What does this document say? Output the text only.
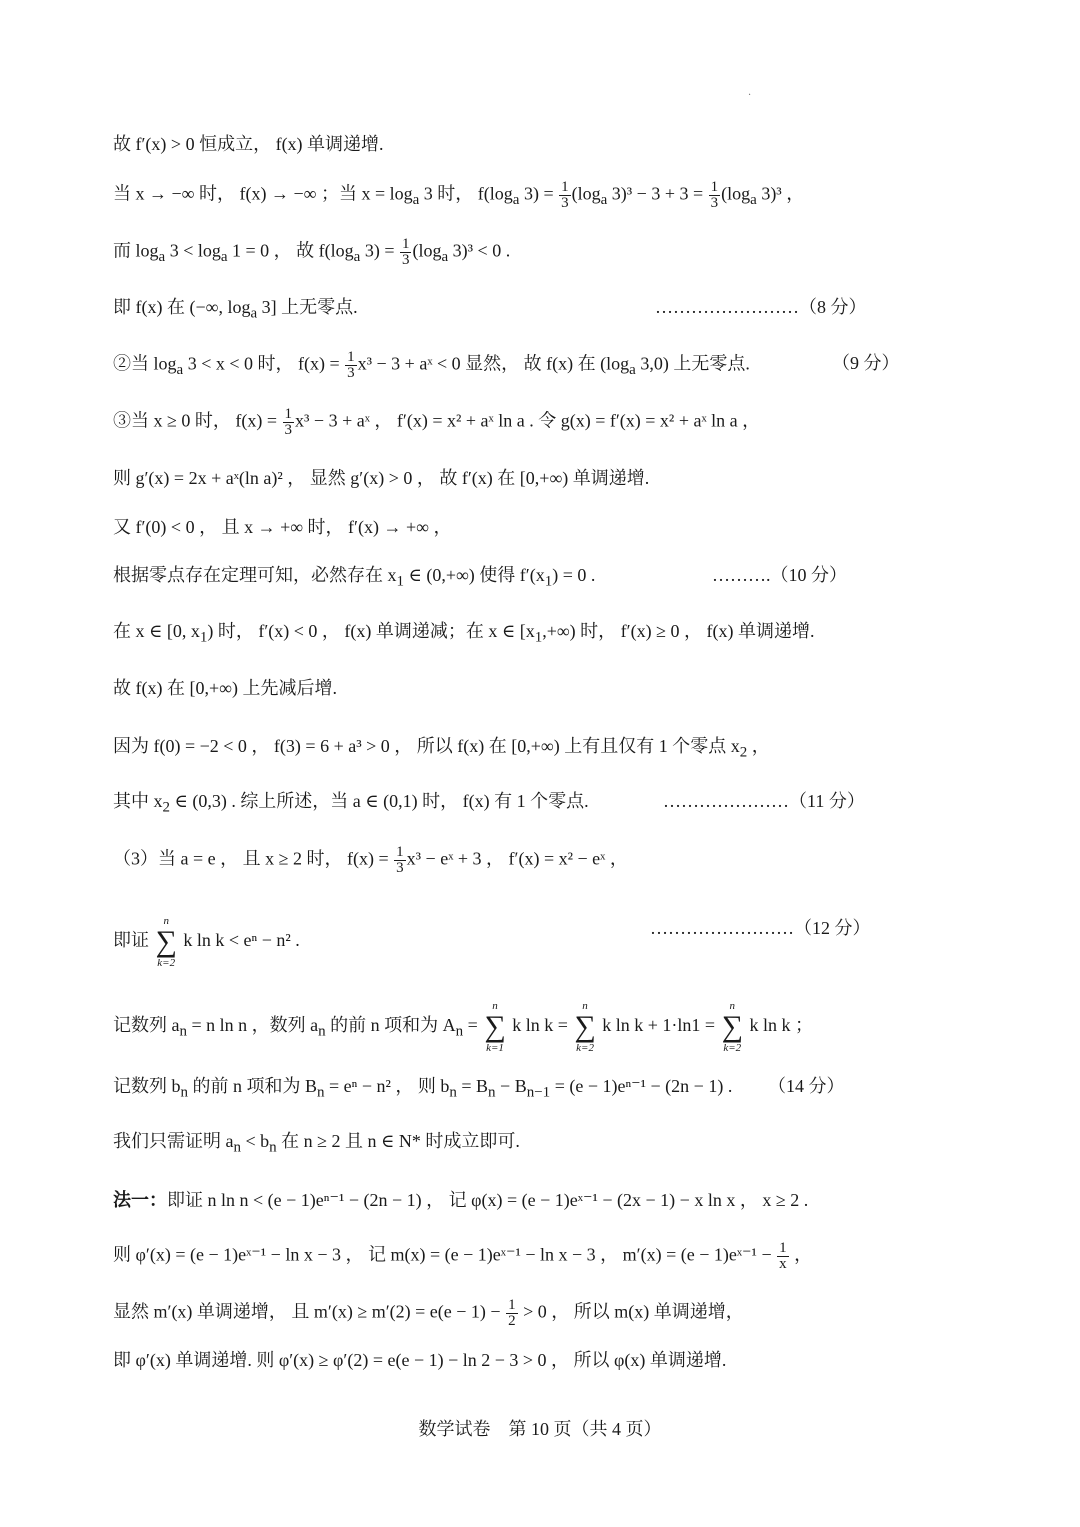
·
故 f′(x) > 0 恒成立， f(x) 单调递增.
当 x → −∞ 时， f(x) → −∞ ；当 $x = \log_a 3$ 时， $f(\log_a$ $3) = \frac{1}{3} (\log_a$ $3)^3 - 3 + 3 = \frac{1}{3} (\log_a$ 3)³ ，
而 $\log_a 3 < \log_a 1 = 0$ ， 故 $f(\log_a$ $3) = \frac{1}{3} (\log_a$ 3)³ < 0 .
即 f(x) 在 (−∞, $\log_a 3$] 上无零点.	……………………（8 分）
②当 $\log_a 3 < x < 0$ 时， $f(x) = \frac{1}{3} x^3 - 3$ + aˣ < 0 显然， 故 f(x) 在 ($\log_a$ 3,0) 上无零点.	（9 分）
③当 x ≥ 0 时， $f(x) = \frac{1}{3} x^3 - 3$ + aˣ ， f′(x) = x² + aˣ ln a . 令 g(x) = f′(x) = x² + aˣ ln a ，
则 g′(x) = 2x + aˣ(ln a)² ， 显然 g′(x) > 0 ， 故 f′(x) 在 [0,+∞) 单调递增.
又 f′(0) < 0 ， 且 x → +∞ 时， f′(x) → +∞ ，
根据零点存在定理可知，必然存在 $x_1$ ∈ (0,+∞) 使得 $f'(x_1) = 0$ .	……….（10 分）
在 x ∈ [0, $x_1$) 时， f′(x) < 0 ， f(x) 单调递减；在 x ∈ $[x_1,+\infty)$ 时， f′(x) ≥ 0 ， f(x) 单调递增.
故 f(x) 在 [0,+∞) 上先减后增.
因为 f(0) = −2 < 0 ， f(3) = 6 + a³ > 0 ， 所以 f(x) 在 [0,+∞) 上有且仅有 1 个零点 $x_2$ ，
其中 $x_2$ ∈ (0,3) . 综上所述，当 a ∈ (0,1) 时， f(x) 有 1 个零点.	…………………（11 分）
（3）当 a = e ， 且 x ≥ 2 时， $f(x) = \frac{1}{3} x^3$ − eˣ + 3 ， f′(x) = x² − eˣ ，
即证
n
∑
k=2
k ln k < eⁿ − n² .
……………………（12 分）
记数列 $a_n = n$ ln n ，数列 $a_n$ 的前 n 项和为 $A_n$ =
n
∑
k=1
k ln k =
n
∑
k=2
k ln k + 1·ln1 =
n
∑
k=2
k ln k ；
记数列 $b_n$ 的前 n 项和为 $B_n = e^n - n^2$ ， 则 $b_n = B_n - B_{n-1} = (e - 1)e^{n-1} - (2n - 1)$ .	（14 分）
我们只需证明 $a_n < b_n$ 在 n ≥ 2 且 n ∈ N* 时成立即可.
法一：即证 n ln n < (e − 1)eⁿ⁻¹ − (2n − 1) ， 记 φ(x) = (e − 1)eˣ⁻¹ − (2x − 1) − x ln x ， x ≥ 2 .
则 φ′(x) = (e − 1)eˣ⁻¹ − ln x − 3 ， 记 m(x) = (e − 1)eˣ⁻¹ − ln x − 3 ， m′(x) = (e − 1)eˣ⁻¹ − $\frac{1}{x}$ ，
显然 m′(x) 单调递增， 且 $m'(x) \ge m'(2) = e(e - 1) - \frac{1}{2} > 0$ ， 所以 m(x) 单调递增，
即 φ′(x) 单调递增. 则 φ′(x) ≥ φ′(2) = e(e − 1) − ln 2 − 3 > 0 ， 所以 φ(x) 单调递增.
数学试卷　第 10 页（共 4 页）
